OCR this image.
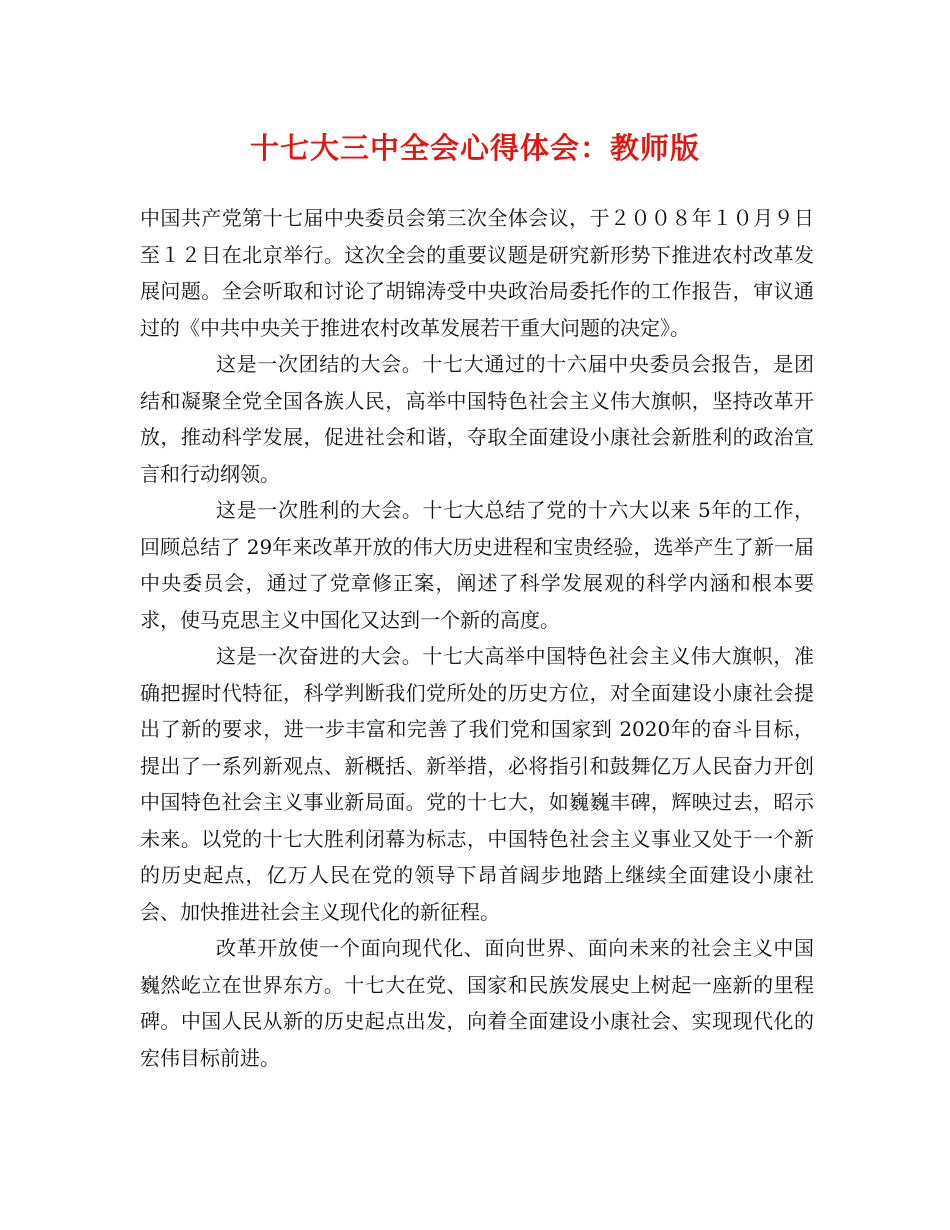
十七大三中全会心得体会：教师版

中国共产党第十七届中央委员会第三次全体会议，于２００８年１０月９日至１２日在北京举行。这次全会的重要议题是研究新形势下推进农村改革发展问题。全会听取和讨论了胡锦涛受中央政治局委托作的工作报告，审议通过的《中共中央关于推进农村改革发展若干重大问题的决定》。

这是一次团结的大会。十七大通过的十六届中央委员会报告，是团结和凝聚全党全国各族人民，高举中国特色社会主义伟大旗帜，坚持改革开放，推动科学发展，促进社会和谐，夺取全面建设小康社会新胜利的政治宣言和行动纲领。

这是一次胜利的大会。十七大总结了党的十六大以来 5年的工作，回顾总结了 29年来改革开放的伟大历史进程和宝贵经验，选举产生了新一届中央委员会，通过了党章修正案，阐述了科学发展观的科学内涵和根本要求，使马克思主义中国化又达到一个新的高度。

这是一次奋进的大会。十七大高举中国特色社会主义伟大旗帜，准确把握时代特征，科学判断我们党所处的历史方位，对全面建设小康社会提出了新的要求，进一步丰富和完善了我们党和国家到 2020年的奋斗目标，提出了一系列新观点、新概括、新举措，必将指引和鼓舞亿万人民奋力开创中国特色社会主义事业新局面。党的十七大，如巍巍丰碑，辉映过去，昭示未来。以党的十七大胜利闭幕为标志，中国特色社会主义事业又处于一个新的历史起点，亿万人民在党的领导下昂首阔步地踏上继续全面建设小康社会、加快推进社会主义现代化的新征程。

改革开放使一个面向现代化、面向世界、面向未来的社会主义中国巍然屹立在世界东方。十七大在党、国家和民族发展史上树起一座新的里程碑。中国人民从新的历史起点出发，向着全面建设小康社会、实现现代化的宏伟目标前进。
